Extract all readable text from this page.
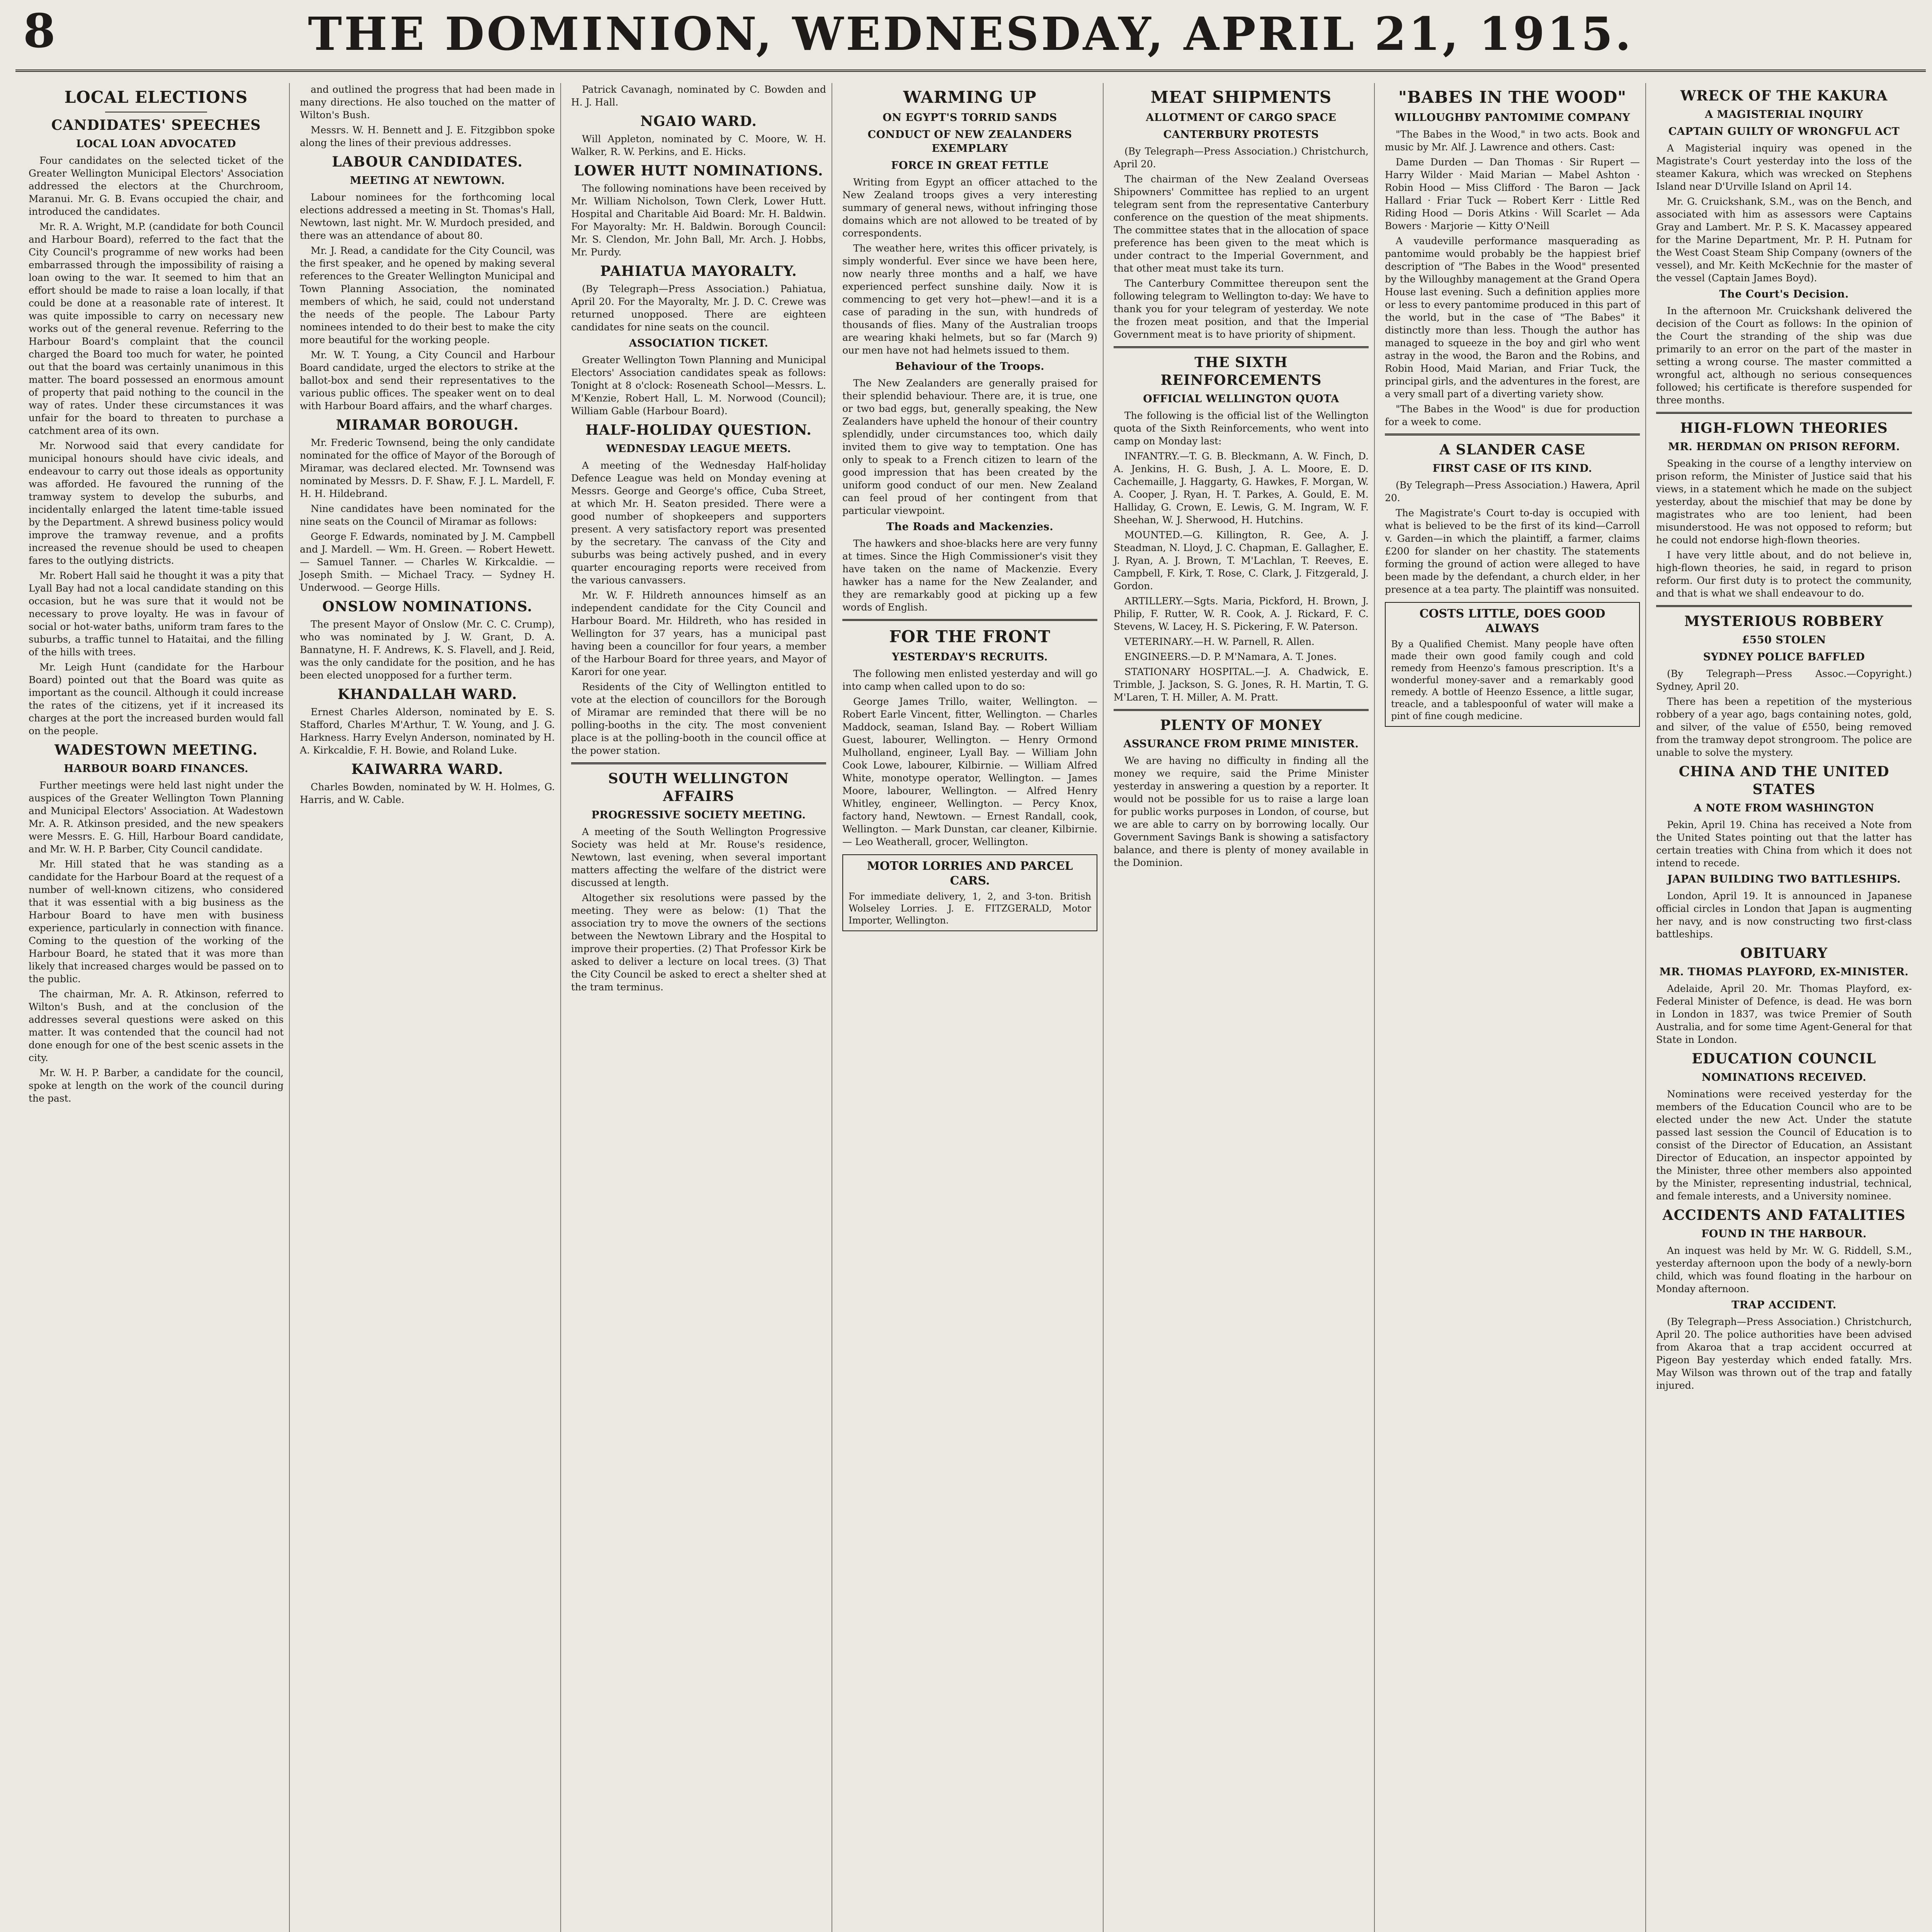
8	THE DOMINION, WEDNESDAY, APRIL 21, 1915.
LOCAL ELECTIONS
CANDIDATES' SPEECHES
LOCAL LOAN ADVOCATED

Four candidates on the selected ticket of the Greater Wellington Municipal Electors' Association addressed the electors at the Churchroom, Maranui. Mr. G. B. Evans occupied the chair, and introduced the candidates.

Mr. R. A. Wright, M.P. (candidate for both Council and Harbour Board), referred to the fact that the City Council's programme of new works had been embarrassed through the impossibility of raising a loan owing to the war. It seemed to him that an effort should be made to raise a loan locally, if that could be done at a reasonable rate of interest. It was quite impossible to carry on necessary new works out of the general revenue. Referring to the Harbour Board's complaint that the council charged the Board too much for water, he pointed out that the board was certainly unanimous in this matter. The board possessed an enormous amount of property that paid nothing to the council in the way of rates. Under these circumstances it was unfair for the board to threaten to purchase a catchment area of its own.

Mr. Norwood said that every candidate for municipal honours should have civic ideals, and endeavour to carry out those ideals as opportunity was afforded. He favoured the running of the tramway system to develop the suburbs, and incidentally enlarged the latent time-table issued by the Department. A shrewd business policy would improve the tramway revenue, and a profits increased the revenue should be used to cheapen fares to the outlying districts.

Mr. Robert Hall said he thought it was a pity that Lyall Bay had not a local candidate standing on this occasion, but he was sure that it would not be necessary to prove loyalty. He was in favour of social or hot-water baths, uniform tram fares to the suburbs, a traffic tunnel to Hataitai, and the filling of the hills with trees.

Mr. Leigh Hunt (candidate for the Harbour Board) pointed out that the Board was quite as important as the council. Although it could increase the rates of the citizens, yet if it increased its charges at the port the increased burden would fall on the people.

WADESTOWN MEETING.
HARBOUR BOARD FINANCES.

Further meetings were held last night under the auspices of the Greater Wellington Town Planning and Municipal Electors' Association. At Wadestown Mr. A. R. Atkinson presided, and the new speakers were Messrs. E. G. Hill, Harbour Board candidate, and Mr. W. H. P. Barber, City Council candidate.

Mr. Hill stated that he was standing as a candidate for the Harbour Board at the request of a number of well-known citizens, who considered that it was essential with a big business as the Harbour Board to have men with business experience, particularly in connection with finance. Coming to the question of the working of the Harbour Board, he stated that it was more than likely that increased charges would be passed on to the public.

The chairman, Mr. A. R. Atkinson, referred to Wilton's Bush, and at the conclusion of the addresses several questions were asked on this matter. It was contended that the council had not done enough for one of the best scenic assets in the city.

Mr. W. H. P. Barber, a candidate for the council, spoke at length on the work of the council during the past.

and outlined the progress that had been made in many directions. He also touched on the matter of Wilton's Bush.

Messrs. W. H. Bennett and J. E. Fitzgibbon spoke along the lines of their previous addresses.

LABOUR CANDIDATES.
MEETING AT NEWTOWN.

Labour nominees for the forthcoming local elections addressed a meeting in St. Thomas's Hall, Newtown, last night. Mr. W. Murdoch presided, and there was an attendance of about 80.

Mr. J. Read, a candidate for the City Council, was the first speaker, and he opened by making several references to the Greater Wellington Municipal and Town Planning Association, the nominated members of which, he said, could not understand the needs of the people. The Labour Party nominees intended to do their best to make the city more beautiful for the working people.

Mr. W. T. Young, a City Council and Harbour Board candidate, urged the electors to strike at the ballot-box and send their representatives to the various public offices. The speaker went on to deal with Harbour Board affairs, and the wharf charges.

MIRAMAR BOROUGH.

Mr. Frederic Townsend, being the only candidate nominated for the office of Mayor of the Borough of Miramar, was declared elected. Mr. Townsend was nominated by Messrs. D. F. Shaw, F. J. L. Mardell, F. H. H. Hildebrand.

Nine candidates have been nominated for the nine seats on the Council of Miramar as follows:

George F. Edwards, nominated by J. M. Campbell and J. Mardell. — Wm. H. Green. — Robert Hewett. — Samuel Tanner. — Charles W. Kirkcaldie. — Joseph Smith. — Michael Tracy. — Sydney H. Underwood. — George Hills.

ONSLOW NOMINATIONS.

The present Mayor of Onslow (Mr. C. C. Crump), who was nominated by J. W. Grant, D. A. Bannatyne, H. F. Andrews, K. S. Flavell, and J. Reid, was the only candidate for the position, and he has been elected unopposed for a further term.

KHANDALLAH WARD.

Ernest Charles Alderson, nominated by E. S. Stafford, Charles M'Arthur, T. W. Young, and J. G. Harkness. Harry Evelyn Anderson, nominated by H. A. Kirkcaldie, F. H. Bowie, and Roland Luke.

KAIWARRA WARD.

Charles Bowden, nominated by W. H. Holmes, G. Harris, and W. Cable.

Patrick Cavanagh, nominated by C. Bowden and H. J. Hall.

NGAIO WARD.

Will Appleton, nominated by C. Moore, W. H. Walker, R. W. Perkins, and E. Hicks.

LOWER HUTT NOMINATIONS.

The following nominations have been received by Mr. William Nicholson, Town Clerk, Lower Hutt. Hospital and Charitable Aid Board: Mr. H. Baldwin. For Mayoralty: Mr. H. Baldwin. Borough Council: Mr. S. Clendon, Mr. John Ball, Mr. Arch. J. Hobbs, Mr. Purdy.

PAHIATUA MAYORALTY.

(By Telegraph—Press Association.) Pahiatua, April 20. For the Mayoralty, Mr. J. D. C. Crewe was returned unopposed. There are eighteen candidates for nine seats on the council.

ASSOCIATION TICKET.

Greater Wellington Town Planning and Municipal Electors' Association candidates speak as follows: Tonight at 8 o'clock: Roseneath School—Messrs. L. M'Kenzie, Robert Hall, L. M. Norwood (Council); William Gable (Harbour Board).

HALF-HOLIDAY QUESTION.
WEDNESDAY LEAGUE MEETS.

A meeting of the Wednesday Half-holiday Defence League was held on Monday evening at Messrs. George and George's office, Cuba Street, at which Mr. H. Seaton presided. There were a good number of shopkeepers and supporters present. A very satisfactory report was presented by the secretary. The canvass of the City and suburbs was being actively pushed, and in every quarter encouraging reports were received from the various canvassers.

Mr. W. F. Hildreth announces himself as an independent candidate for the City Council and Harbour Board. Mr. Hildreth, who has resided in Wellington for 37 years, has a municipal past having been a councillor for four years, a member of the Harbour Board for three years, and Mayor of Karori for one year.

Residents of the City of Wellington entitled to vote at the election of councillors for the Borough of Miramar are reminded that there will be no polling-booths in the city. The most convenient place is at the polling-booth in the council office at the power station.

SOUTH WELLINGTON AFFAIRS
PROGRESSIVE SOCIETY MEETING.

A meeting of the South Wellington Progressive Society was held at Mr. Rouse's residence, Newtown, last evening, when several important matters affecting the welfare of the district were discussed at length.

Altogether six resolutions were passed by the meeting. They were as below: (1) That the association try to move the owners of the sections between the Newtown Library and the Hospital to improve their properties. (2) That Professor Kirk be asked to deliver a lecture on local trees. (3) That the City Council be asked to erect a shelter shed at the tram terminus.

WARMING UP
ON EGYPT'S TORRID SANDS
CONDUCT OF NEW ZEALANDERS EXEMPLARY
FORCE IN GREAT FETTLE

Writing from Egypt an officer attached to the New Zealand troops gives a very interesting summary of general news, without infringing those domains which are not allowed to be treated of by correspondents.

The weather here, writes this officer privately, is simply wonderful. Ever since we have been here, now nearly three months and a half, we have experienced perfect sunshine daily. Now it is commencing to get very hot—phew!—and it is a case of parading in the sun, with hundreds of thousands of flies. Many of the Australian troops are wearing khaki helmets, but so far (March 9) our men have not had helmets issued to them.

Behaviour of the Troops.

The New Zealanders are generally praised for their splendid behaviour. There are, it is true, one or two bad eggs, but, generally speaking, the New Zealanders have upheld the honour of their country splendidly, under circumstances too, which daily invited them to give way to temptation. One has only to speak to a French citizen to learn of the good impression that has been created by the uniform good conduct of our men. New Zealand can feel proud of her contingent from that particular viewpoint.

The Roads and Mackenzies.

The hawkers and shoe-blacks here are very funny at times. Since the High Commissioner's visit they have taken on the name of Mackenzie. Every hawker has a name for the New Zealander, and they are remarkably good at picking up a few words of English.

FOR THE FRONT
YESTERDAY'S RECRUITS.

The following men enlisted yesterday and will go into camp when called upon to do so:

George James Trillo, waiter, Wellington. — Robert Earle Vincent, fitter, Wellington. — Charles Maddock, seaman, Island Bay. — Robert William Guest, labourer, Wellington. — Henry Ormond Mulholland, engineer, Lyall Bay. — William John Cook Lowe, labourer, Kilbirnie. — William Alfred White, monotype operator, Wellington. — James Moore, labourer, Wellington. — Alfred Henry Whitley, engineer, Wellington. — Percy Knox, factory hand, Newtown. — Ernest Randall, cook, Wellington. — Mark Dunstan, car cleaner, Kilbirnie. — Leo Weatherall, grocer, Wellington.

MOTOR LORRIES AND PARCEL CARS.
For immediate delivery, 1, 2, and 3-ton. British Wolseley Lorries. J. E. FITZGERALD, Motor Importer, Wellington.
MEAT SHIPMENTS
ALLOTMENT OF CARGO SPACE
CANTERBURY PROTESTS

(By Telegraph—Press Association.) Christchurch, April 20.

The chairman of the New Zealand Overseas Shipowners' Committee has replied to an urgent telegram sent from the representative Canterbury conference on the question of the meat shipments. The committee states that in the allocation of space preference has been given to the meat which is under contract to the Imperial Government, and that other meat must take its turn.

The Canterbury Committee thereupon sent the following telegram to Wellington to-day: We have to thank you for your telegram of yesterday. We note the frozen meat position, and that the Imperial Government meat is to have priority of shipment.

THE SIXTH REINFORCEMENTS
OFFICIAL WELLINGTON QUOTA

The following is the official list of the Wellington quota of the Sixth Reinforcements, who went into camp on Monday last:

INFANTRY.—T. G. B. Bleckmann, A. W. Finch, D. A. Jenkins, H. G. Bush, J. A. L. Moore, E. D. Cachemaille, J. Haggarty, G. Hawkes, F. Morgan, W. A. Cooper, J. Ryan, H. T. Parkes, A. Gould, E. M. Halliday, G. Crown, E. Lewis, G. M. Ingram, W. F. Sheehan, W. J. Sherwood, H. Hutchins.

MOUNTED.—G. Killington, R. Gee, A. J. Steadman, N. Lloyd, J. C. Chapman, E. Gallagher, E. J. Ryan, A. J. Brown, T. M'Lachlan, T. Reeves, E. Campbell, F. Kirk, T. Rose, C. Clark, J. Fitzgerald, J. Gordon.

ARTILLERY.—Sgts. Maria, Pickford, H. Brown, J. Philip, F. Rutter, W. R. Cook, A. J. Rickard, F. C. Stevens, W. Lacey, H. S. Pickering, F. W. Paterson.

VETERINARY.—H. W. Parnell, R. Allen.

ENGINEERS.—D. P. M'Namara, A. T. Jones.

STATIONARY HOSPITAL.—J. A. Chadwick, E. Trimble, J. Jackson, S. G. Jones, R. H. Martin, T. G. M'Laren, T. H. Miller, A. M. Pratt.

PLENTY OF MONEY
ASSURANCE FROM PRIME MINISTER.

We are having no difficulty in finding all the money we require, said the Prime Minister yesterday in answering a question by a reporter. It would not be possible for us to raise a large loan for public works purposes in London, of course, but we are able to carry on by borrowing locally. Our Government Savings Bank is showing a satisfactory balance, and there is plenty of money available in the Dominion.

"BABES IN THE WOOD"
WILLOUGHBY PANTOMIME COMPANY

"The Babes in the Wood," in two acts. Book and music by Mr. Alf. J. Lawrence and others. Cast:

Dame Durden — Dan Thomas · Sir Rupert — Harry Wilder · Maid Marian — Mabel Ashton · Robin Hood — Miss Clifford · The Baron — Jack Hallard · Friar Tuck — Robert Kerr · Little Red Riding Hood — Doris Atkins · Will Scarlet — Ada Bowers · Marjorie — Kitty O'Neill

A vaudeville performance masquerading as pantomime would probably be the happiest brief description of "The Babes in the Wood" presented by the Willoughby management at the Grand Opera House last evening. Such a definition applies more or less to every pantomime produced in this part of the world, but in the case of "The Babes" it distinctly more than less. Though the author has managed to squeeze in the boy and girl who went astray in the wood, the Baron and the Robins, and Robin Hood, Maid Marian, and Friar Tuck, the principal girls, and the adventures in the forest, are a very small part of a diverting variety show.

"The Babes in the Wood" is due for production for a week to come.

A SLANDER CASE
FIRST CASE OF ITS KIND.

(By Telegraph—Press Association.) Hawera, April 20.

The Magistrate's Court to-day is occupied with what is believed to be the first of its kind—Carroll v. Garden—in which the plaintiff, a farmer, claims £200 for slander on her chastity. The statements forming the ground of action were alleged to have been made by the defendant, a church elder, in her presence at a tea party. The plaintiff was nonsuited.

COSTS LITTLE, DOES GOOD ALWAYS
By a Qualified Chemist. Many people have often made their own good family cough and cold remedy from Heenzo's famous prescription. It's a wonderful money-saver and a remarkably good remedy. A bottle of Heenzo Essence, a little sugar, treacle, and a tablespoonful of water will make a pint of fine cough medicine.
WRECK OF THE KAKURA
A MAGISTERIAL INQUIRY
CAPTAIN GUILTY OF WRONGFUL ACT

A Magisterial inquiry was opened in the Magistrate's Court yesterday into the loss of the steamer Kakura, which was wrecked on Stephens Island near D'Urville Island on April 14.

Mr. G. Cruickshank, S.M., was on the Bench, and associated with him as assessors were Captains Gray and Lambert. Mr. P. S. K. Macassey appeared for the Marine Department, Mr. P. H. Putnam for the West Coast Steam Ship Company (owners of the vessel), and Mr. Keith McKechnie for the master of the vessel (Captain James Boyd).

The Court's Decision.

In the afternoon Mr. Cruickshank delivered the decision of the Court as follows: In the opinion of the Court the stranding of the ship was due primarily to an error on the part of the master in setting a wrong course. The master committed a wrongful act, although no serious consequences followed; his certificate is therefore suspended for three months.

HIGH-FLOWN THEORIES
MR. HERDMAN ON PRISON REFORM.

Speaking in the course of a lengthy interview on prison reform, the Minister of Justice said that his views, in a statement which he made on the subject yesterday, about the mischief that may be done by magistrates who are too lenient, had been misunderstood. He was not opposed to reform; but he could not endorse high-flown theories.

I have very little about, and do not believe in, high-flown theories, he said, in regard to prison reform. Our first duty is to protect the community, and that is what we shall endeavour to do.

MYSTERIOUS ROBBERY
£550 STOLEN
SYDNEY POLICE BAFFLED

(By Telegraph—Press Assoc.—Copyright.) Sydney, April 20.

There has been a repetition of the mysterious robbery of a year ago, bags containing notes, gold, and silver, of the value of £550, being removed from the tramway depot strongroom. The police are unable to solve the mystery.

CHINA AND THE UNITED STATES
A NOTE FROM WASHINGTON

Pekin, April 19. China has received a Note from the United States pointing out that the latter has certain treaties with China from which it does not intend to recede.

JAPAN BUILDING TWO BATTLESHIPS.

London, April 19. It is announced in Japanese official circles in London that Japan is augmenting her navy, and is now constructing two first-class battleships.

OBITUARY
MR. THOMAS PLAYFORD, EX-MINISTER.

Adelaide, April 20. Mr. Thomas Playford, ex-Federal Minister of Defence, is dead. He was born in London in 1837, was twice Premier of South Australia, and for some time Agent-General for that State in London.

EDUCATION COUNCIL
NOMINATIONS RECEIVED.

Nominations were received yesterday for the members of the Education Council who are to be elected under the new Act. Under the statute passed last session the Council of Education is to consist of the Director of Education, an Assistant Director of Education, an inspector appointed by the Minister, three other members also appointed by the Minister, representing industrial, technical, and female interests, and a University nominee.

ACCIDENTS AND FATALITIES
FOUND IN THE HARBOUR.

An inquest was held by Mr. W. G. Riddell, S.M., yesterday afternoon upon the body of a newly-born child, which was found floating in the harbour on Monday afternoon.

TRAP ACCIDENT.

(By Telegraph—Press Association.) Christchurch, April 20. The police authorities have been advised from Akaroa that a trap accident occurred at Pigeon Bay yesterday which ended fatally. Mrs. May Wilson was thrown out of the trap and fatally injured.
